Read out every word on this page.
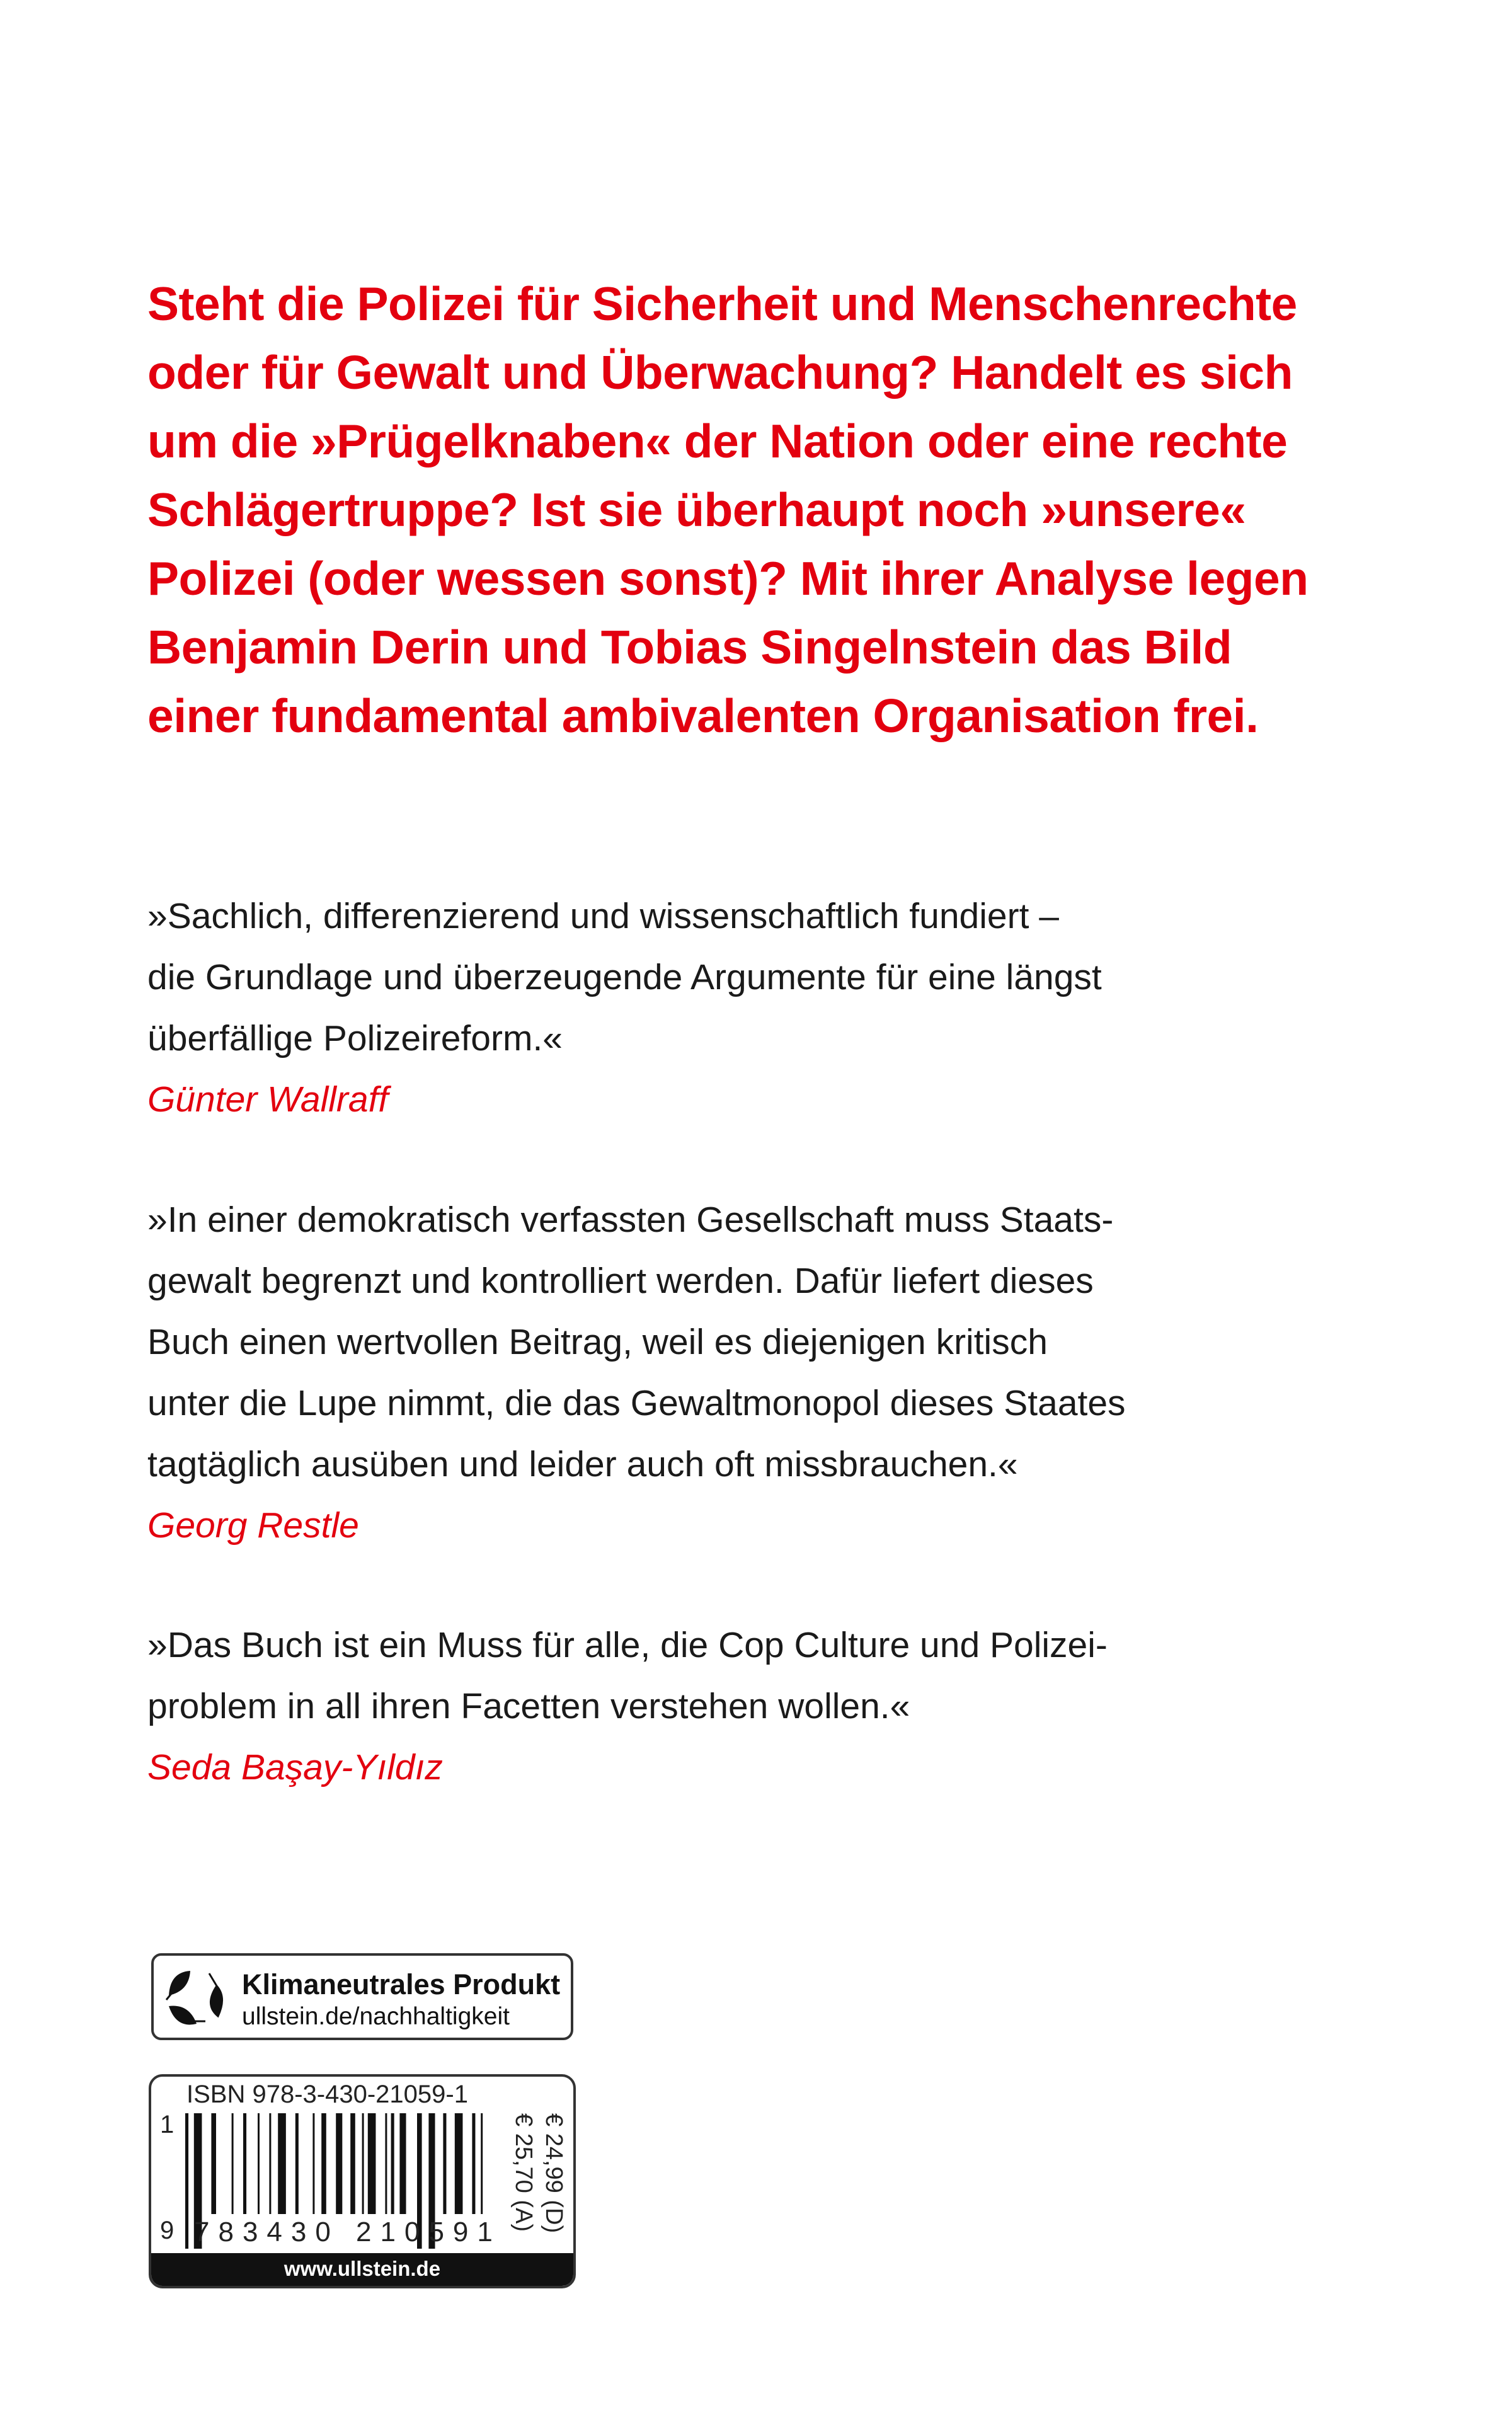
Steht die Polizei für Sicherheit und Menschenrechte
oder für Gewalt und Überwachung? Handelt es sich
um die »Prügelknaben« der Nation oder eine rechte
Schlägertruppe? Ist sie überhaupt noch »unsere«
Polizei (oder wessen sonst)? Mit ihrer Analyse legen
Benjamin Derin und Tobias Singelnstein das Bild
einer fundamental ambivalenten Organisation frei.
»Sachlich, differenzierend und wissenschaftlich fundiert –
die Grundlage und überzeugende Argumente für eine längst
überfällige Polizeireform.«
Günter Wallraff
»In einer demokratisch verfassten Gesellschaft muss Staats-
gewalt begrenzt und kontrolliert werden. Dafür liefert dieses
Buch einen wertvollen Beitrag, weil es diejenigen kritisch
unter die Lupe nimmt, die das Gewaltmonopol dieses Staates
tagtäglich ausüben und leider auch oft missbrauchen.«
Georg Restle
»Das Buch ist ein Muss für alle, die Cop Culture und Polizei-
problem in all ihren Facetten verstehen wollen.«
Seda Başay-Yıldız
Klimaneutrales Produkt
ullstein.de/nachhaltigkeit
ISBN 978-3-430-21059-1
1
9 783430 210591 € 24,99 (D)
€ 25,70 (A)
www.ullstein.de
